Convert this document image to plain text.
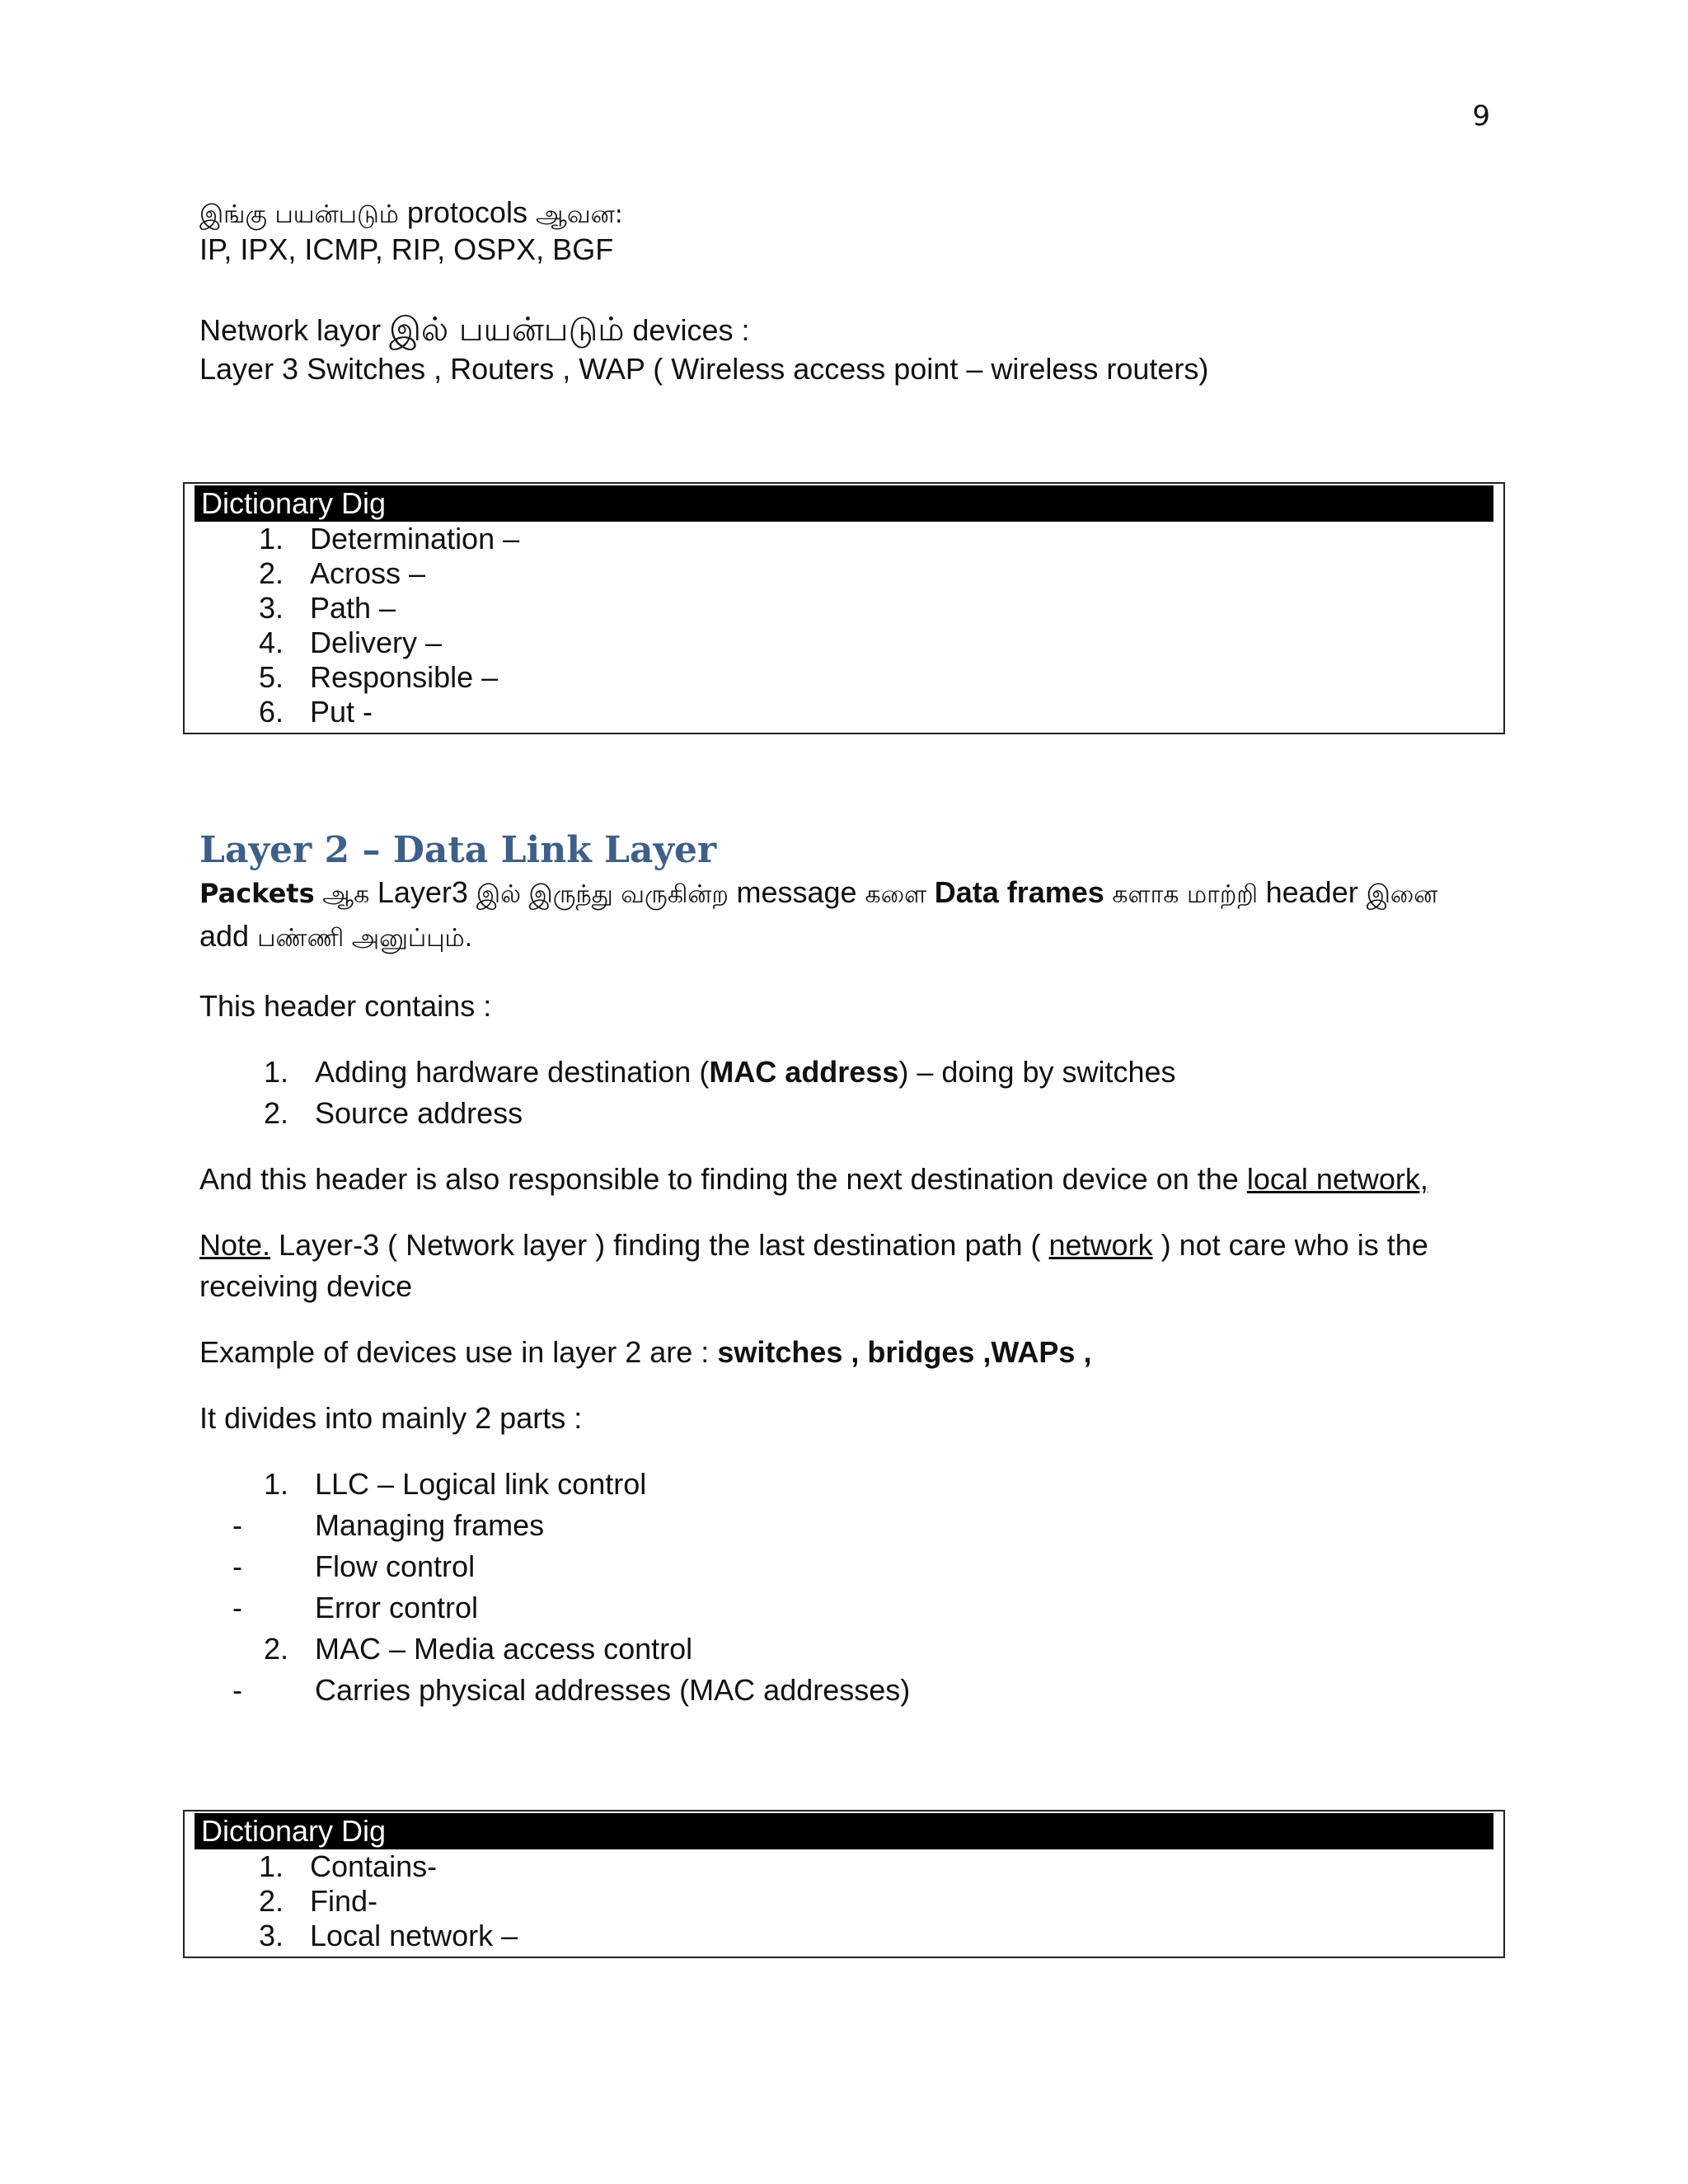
9
இங்கு பயன்படும் protocols ஆவன:
IP, IPX, ICMP, RIP, OSPX, BGF
Network layor இல் பயன்படும் devices :
Layer 3 Switches , Routers , WAP ( Wireless access point – wireless routers)
Dictionary Dig
1. Determination –
2. Across –
3. Path –
4. Delivery –
5. Responsible –
6. Put -
Layer 2 – Data Link Layer

Packets ஆக Layer3 இல் இருந்து வருகின்ற message களை Data frames களாக மாற்றி header இனை
add பண்ணி அனுப்பும்.

This header contains :

1. Adding hardware destination (MAC address) – doing by switches
2. Source address

And this header is also responsible to finding the next destination device on the local network,

Note. Layer-3 ( Network layer ) finding the last destination path ( network ) not care who is the
receiving device

Example of devices use in layer 2 are : switches , bridges ,WAPs ,

It divides into mainly 2 parts :

1. LLC – Logical link control
-	Managing frames
-	Flow control
-	Error control
2. MAC – Media access control
-	Carries physical addresses (MAC addresses)
Dictionary Dig
1. Contains-
2. Find-
3. Local network –
